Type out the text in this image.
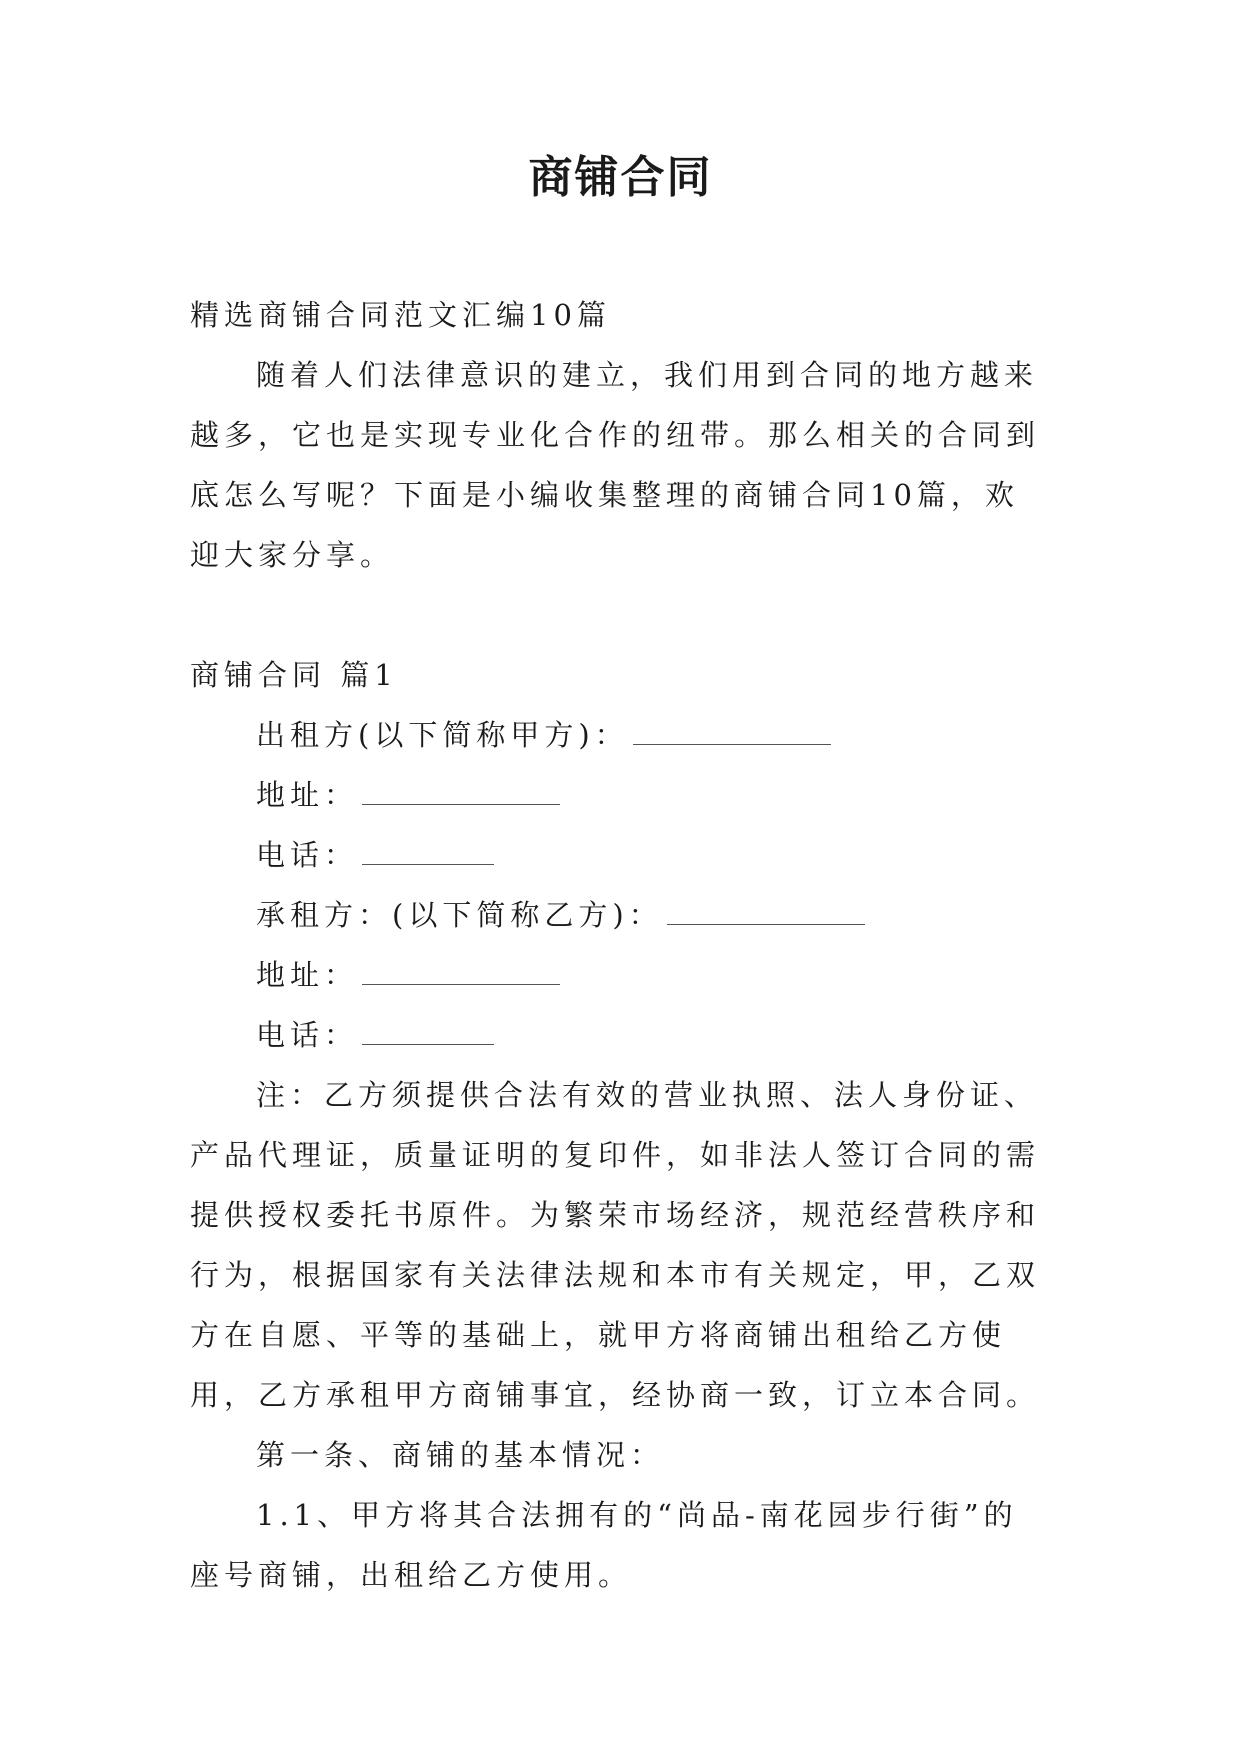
商铺合同

精选商铺合同范文汇编10篇

随着人们法律意识的建立，我们用到合同的地方越来越多，它也是实现专业化合作的纽带。那么相关的合同到底怎么写呢？下面是小编收集整理的商铺合同10篇，欢迎大家分享。

商铺合同 篇1

出租方(以下简称甲方)：

地址：

电话：

承租方：(以下简称乙方)：

地址：

电话：

注：乙方须提供合法有效的营业执照、法人身份证、产品代理证，质量证明的复印件，如非法人签订合同的需提供授权委托书原件。为繁荣市场经济，规范经营秩序和行为，根据国家有关法律法规和本市有关规定，甲，乙双方在自愿、平等的基础上，就甲方将商铺出租给乙方使用，乙方承租甲方商铺事宜，经协商一致，订立本合同。

第一条、商铺的基本情况：

1.1、甲方将其合法拥有的“尚品-南花园步行街”的座号商铺，出租给乙方使用。
